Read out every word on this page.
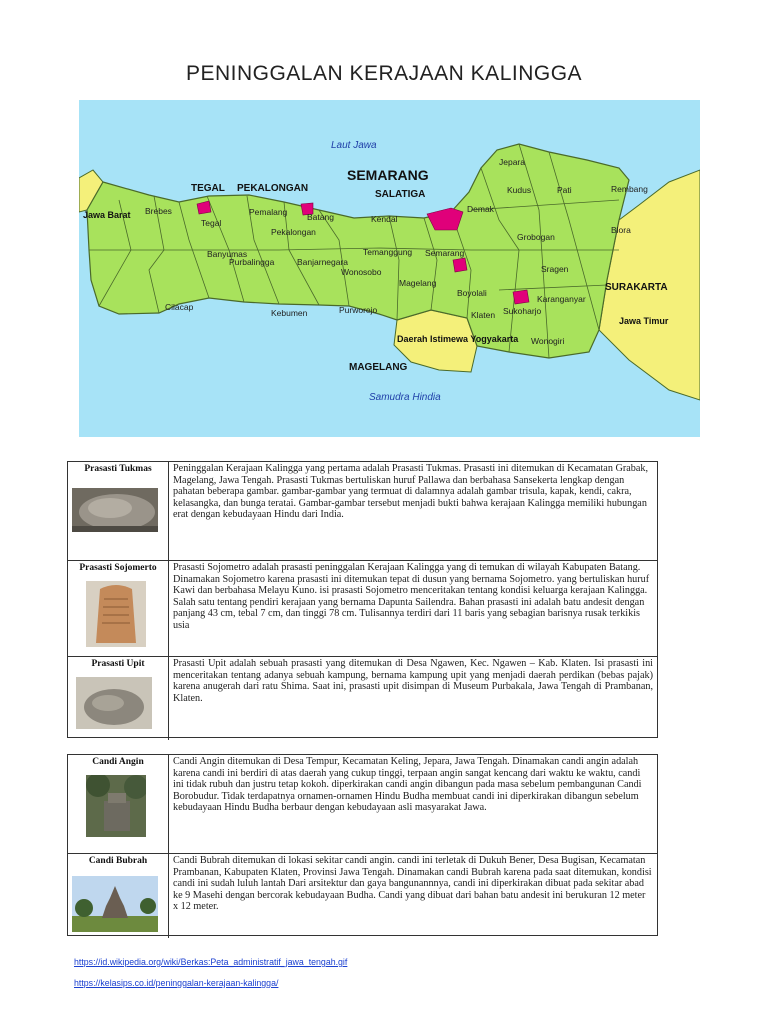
PENINGGALAN KERAJAAN KALINGGA
Laut Jawa
Samudra Hindia
SEMARANG
SALATIGA
TEGAL PEKALONGAN
SURAKARTA
MAGELANG
Jawa Barat
Jawa Timur
Daerah Istimewa Yogyakarta
Brebes
Tegal
Pemalang
Pekalongan
Batang	Kendal
Demak
Jepara
Kudus	Pati	Rembang
Grobogan
Blora
Cilacap
Banyumas
Purbalingga	Banjarnegara
Wonosobo
Temanggung Semarang
Boyolali
Sragen
Karanganyar
Sukoharjo
Klaten
Wonogiri
Magelang
Kebumen	Purworejo
Prasasti Tukmas	Peninggalan Kerajaan Kalingga yang pertama adalah Prasasti Tukmas. Prasasti ini ditemukan di Kecamatan Grabak, Magelang, Jawa Tengah. Prasasti Tukmas bertuliskan huruf Pallawa dan berbahasa Sansekerta lengkap dengan pahatan beberapa gambar. gambar-gambar yang termuat di dalamnya adalah gambar trisula, kapak, kendi, cakra, kelasangka, dan bunga teratai. Gambar-gambar tersebut menjadi bukti bahwa kerajaan Kalingga memiliki hubungan erat dengan kebudayaan Hindu dari India.
Prasasti Sojomerto	Prasasti Sojometro adalah prasasti peninggalan Kerajaan Kalingga yang di temukan di wilayah Kabupaten Batang. Dinamakan Sojometro karena prasasti ini ditemukan tepat di dusun yang bernama Sojometro. yang bertuliskan huruf Kawi dan berbahasa Melayu Kuno. isi prasasti Sojometro menceritakan tentang kondisi keluarga kerajaan Kalingga. Salah satu tentang pendiri kerajaan yang bernama Dapunta Sailendra. Bahan prasasti ini adalah batu andesit dengan panjang 43 cm, tebal 7 cm, dan tinggi 78 cm. Tulisannya terdiri dari 11 baris yang sebagian barisnya rusak terkikis usia
Prasasti Upit	Prasasti Upit adalah sebuah prasasti yang ditemukan di Desa Ngawen, Kec. Ngawen – Kab. Klaten. Isi prasasti ini menceritakan tentang adanya sebuah kampung, bernama kampung upit yang menjadi daerah perdikan (bebas pajak) karena anugerah dari ratu Shima. Saat ini, prasasti upit disimpan di Museum Purbakala, Jawa Tengah di Prambanan, Klaten.
Candi Angin	Candi Angin ditemukan di Desa Tempur, Kecamatan Keling, Jepara, Jawa Tengah. Dinamakan candi angin adalah karena candi ini berdiri di atas daerah yang cukup tinggi, terpaan angin sangat kencang dari waktu ke waktu, candi ini tidak rubuh dan justru tetap kokoh. diperkirakan candi angin dibangun pada masa sebelum pembangunan Candi Borobudur. Tidak terdapatnya ornamen-ornamen Hindu Budha membuat candi ini diperkirakan dibangun sebelum kebudayaan Hindu Budha berbaur dengan kebudayaan asli masyarakat Jawa.
Candi Bubrah	Candi Bubrah ditemukan di lokasi sekitar candi angin. candi ini terletak di Dukuh Bener, Desa Bugisan, Kecamatan Prambanan, Kabupaten Klaten, Provinsi Jawa Tengah. Dinamakan candi Bubrah karena pada saat ditemukan, kondisi candi ini sudah luluh lantah Dari arsitektur dan gaya bangunannnya, candi ini diperkirakan dibuat pada sekitar abad ke 9 Masehi dengan bercorak kebudayaan Budha. Candi yang dibuat dari bahan batu andesit ini berukuran 12 meter x 12 meter.
https://id.wikipedia.org/wiki/Berkas:Peta_administratif_jawa_tengah.gif
https://kelasips.co.id/peninggalan-kerajaan-kalingga/
